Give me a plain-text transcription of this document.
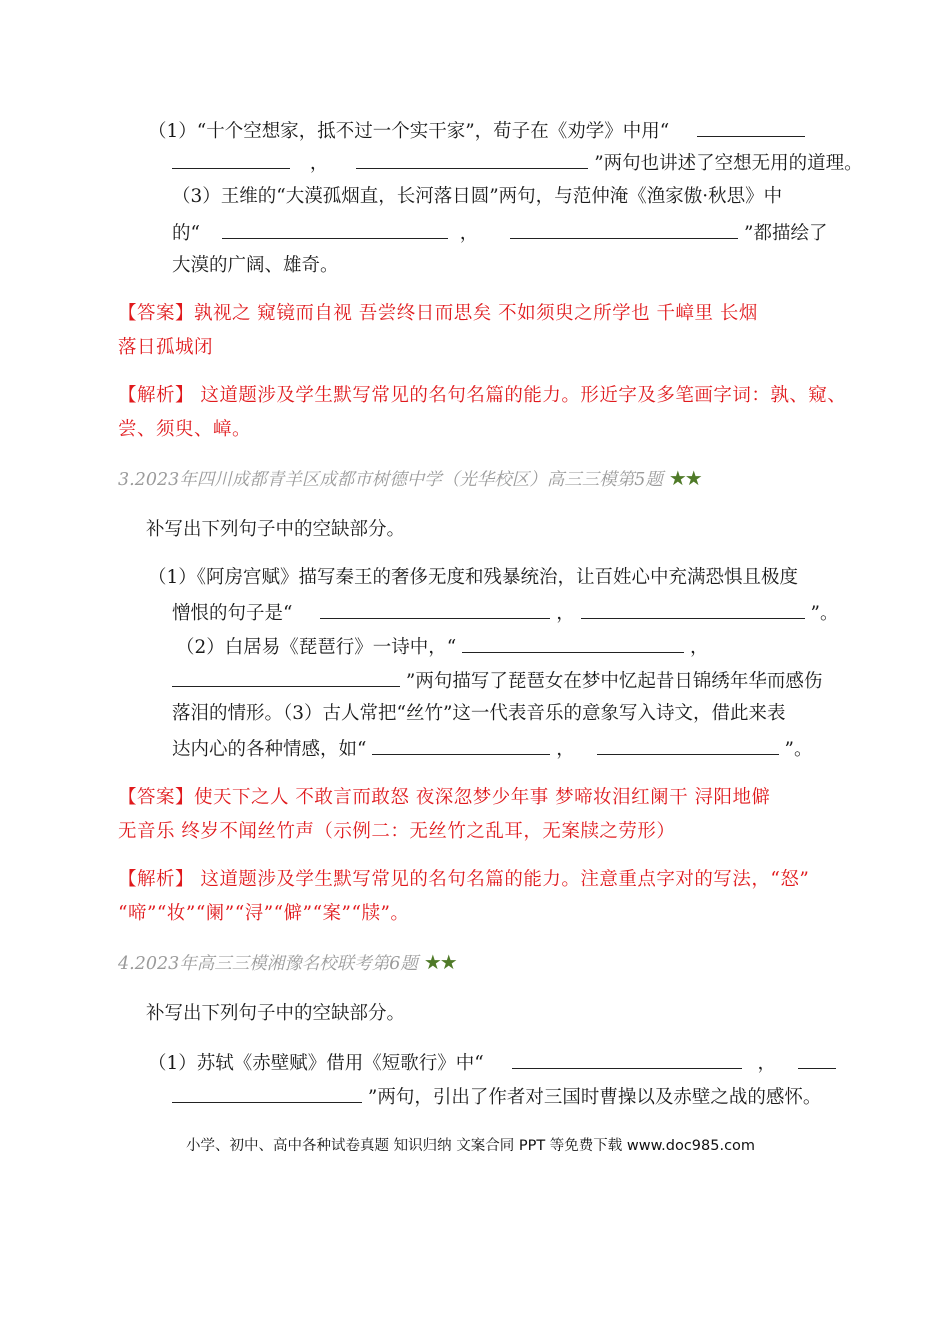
（1）“十个空想家，抵不过一个实干家”，荀子在《劝学》中用“
，	”两句也讲述了空想无用的道理。
（3）王维的“大漠孤烟直，长河落日圆”两句，与范仲淹《渔家傲·秋思》中
的“	，	”都描绘了
大漠的广阔、雄奇。
【答案】孰视之 窥镜而自视 吾尝终日而思矣 不如须臾之所学也 千嶂里 长烟
落日孤城闭
【解析】 这道题涉及学生默写常见的名句名篇的能力。形近字及多笔画字词：孰、窥、
尝、须臾、嶂。
3.2023年四川成都青羊区成都市树德中学（光华校区）高三三模第5题 ★★
补写出下列句子中的空缺部分。
（1）《阿房宫赋》描写秦王的奢侈无度和残暴统治，让百姓心中充满恐惧且极度
憎恨的句子是“	，	”。
（2）白居易《琵琶行》一诗中，“	，
”两句描写了琵琶女在梦中忆起昔日锦绣年华而感伤
落泪的情形。（3）古人常把“丝竹”这一代表音乐的意象写入诗文，借此来表
达内心的各种情感，如“	，	”。
【答案】使天下之人 不敢言而敢怒 夜深忽梦少年事 梦啼妆泪红阑干 浔阳地僻
无音乐 终岁不闻丝竹声（示例二：无丝竹之乱耳，无案牍之劳形）
【解析】 这道题涉及学生默写常见的名句名篇的能力。注意重点字对的写法，“怒”
“啼”“妆”“阑”“浔”“僻”“案”“牍”。
4.2023年高三三模湘豫名校联考第6题 ★★
补写出下列句子中的空缺部分。
（1）苏轼《赤壁赋》借用《短歌行》中“	，
”两句，引出了作者对三国时曹操以及赤壁之战的感怀。
小学、初中、高中各种试卷真题 知识归纳 文案合同 PPT 等免费下载 www.doc985.com
